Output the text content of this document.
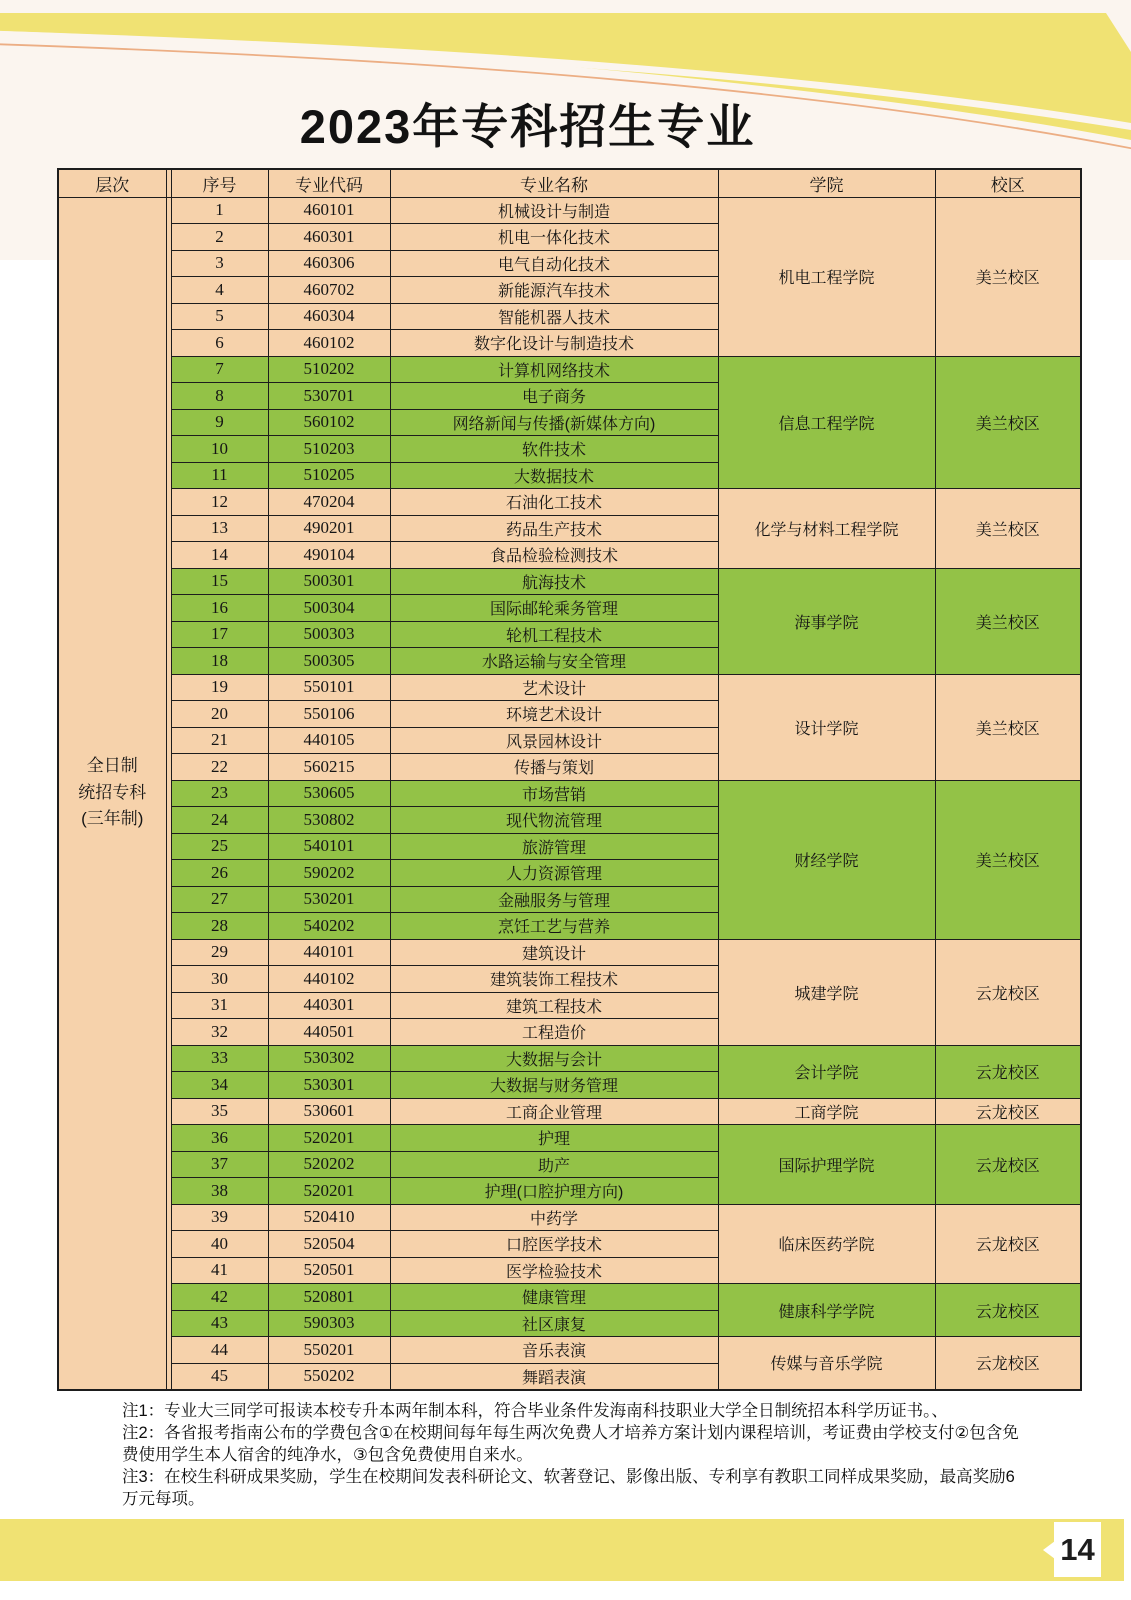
2023年专科招生专业
层次		序号	专业代码	专业名称	学院	校区
全日制
统招专科
(三年制)		1	460101	机械设计与制造	机电工程学院	美兰校区
		2	460301	机电一体化技术		
		3	460306	电气自动化技术		
		4	460702	新能源汽车技术		
		5	460304	智能机器人技术		
		6	460102	数字化设计与制造技术		
		7	510202	计算机网络技术	信息工程学院	美兰校区
		8	530701	电子商务		
		9	560102	网络新闻与传播(新媒体方向)		
		10	510203	软件技术		
		11	510205	大数据技术		
		12	470204	石油化工技术	化学与材料工程学院	美兰校区
		13	490201	药品生产技术		
		14	490104	食品检验检测技术		
		15	500301	航海技术	海事学院	美兰校区
		16	500304	国际邮轮乘务管理		
		17	500303	轮机工程技术		
		18	500305	水路运输与安全管理		
		19	550101	艺术设计	设计学院	美兰校区
		20	550106	环境艺术设计		
		21	440105	风景园林设计		
		22	560215	传播与策划		
		23	530605	市场营销	财经学院	美兰校区
		24	530802	现代物流管理		
		25	540101	旅游管理		
		26	590202	人力资源管理		
		27	530201	金融服务与管理		
		28	540202	烹饪工艺与营养		
		29	440101	建筑设计	城建学院	云龙校区
		30	440102	建筑装饰工程技术		
		31	440301	建筑工程技术		
		32	440501	工程造价		
		33	530302	大数据与会计	会计学院	云龙校区
		34	530301	大数据与财务管理		
		35	530601	工商企业管理	工商学院	云龙校区
		36	520201	护理	国际护理学院	云龙校区
		37	520202	助产		
		38	520201	护理(口腔护理方向)		
		39	520410	中药学	临床医药学院	云龙校区
		40	520504	口腔医学技术		
		41	520501	医学检验技术		
		42	520801	健康管理	健康科学学院	云龙校区
		43	590303	社区康复		
		44	550201	音乐表演	传媒与音乐学院	云龙校区
		45	550202	舞蹈表演		
注1：专业大三同学可报读本校专升本两年制本科，符合毕业条件发海南科技职业大学全日制统招本科学历证书。、
注2：各省报考指南公布的学费包含①在校期间每年每生两次免费人才培养方案计划内课程培训，考证费由学校支付②包含免费使用学生本人宿舍的纯净水，③包含免费使用自来水。
注3：在校生科研成果奖励，学生在校期间发表科研论文、软著登记、影像出版、专利享有教职工同样成果奖励，最高奖励6万元每项。
14
